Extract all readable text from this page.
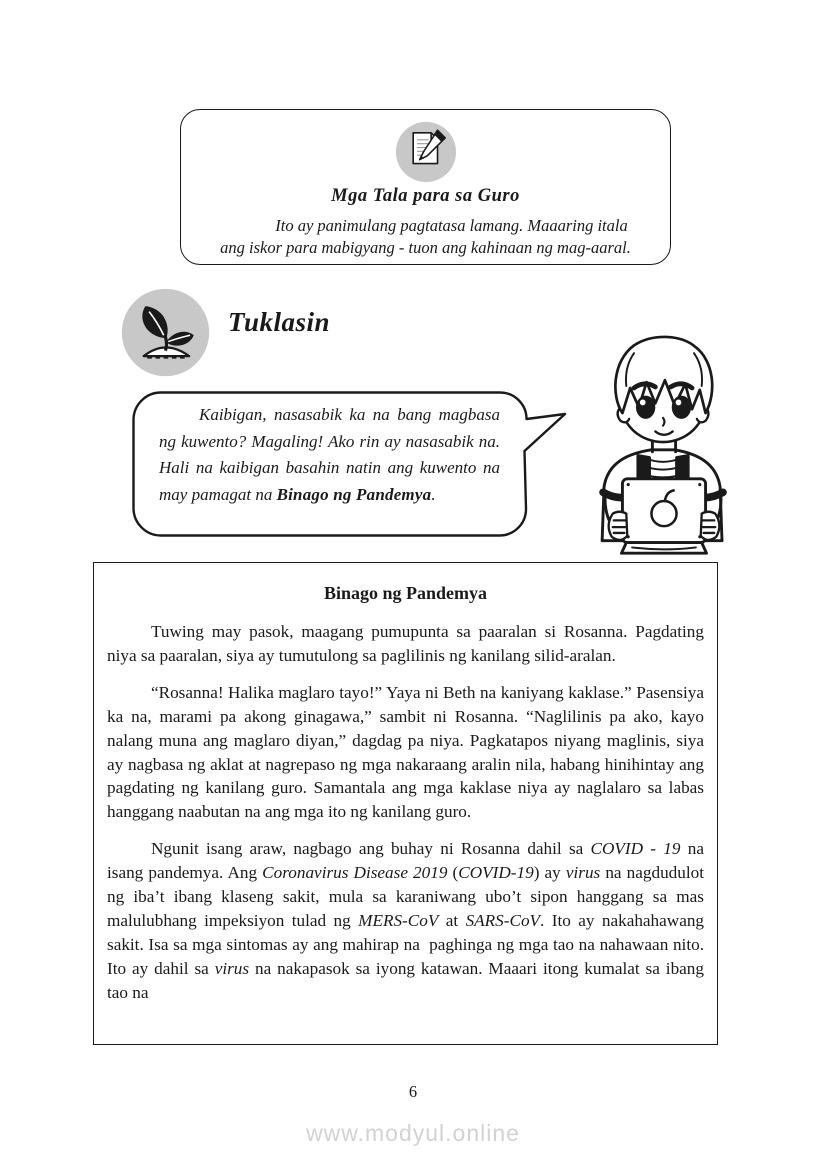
Mga Tala para sa Guro

Ito ay panimulang pagtatasa lamang. Maaaring itala

ang iskor para mabigyang - tuon ang kahinaan ng mag-aaral.

Tuklasin

Kaibigan, nasasabik ka na bang magbasa ng kuwento? Magaling! Ako rin ay nasasabik na. Hali na kaibigan basahin natin ang kuwento na may pamagat na Binago ng Pandemya.

Binago ng Pandemya

Tuwing may pasok, maagang pumupunta sa paaralan si Rosanna. Pagdating niya sa paaralan, siya ay tumutulong sa paglilinis ng kanilang silid-aralan.

“Rosanna! Halika maglaro tayo!” Yaya ni Beth na kaniyang kaklase.” Pasensiya ka na, marami pa akong ginagawa,” sambit ni Rosanna. “Naglilinis pa ako, kayo nalang muna ang maglaro diyan,” dagdag pa niya. Pagkatapos niyang maglinis, siya ay nagbasa ng aklat at nagrepaso ng mga nakaraang aralin nila, habang hinihintay ang pagdating ng kanilang guro. Samantala ang mga kaklase niya ay naglalaro sa labas hanggang naabutan na ang mga ito ng kanilang guro.

Ngunit isang araw, nagbago ang buhay ni Rosanna dahil sa COVID - 19 na isang pandemya. Ang Coronavirus Disease 2019 (COVID-19) ay virus na nagdudulot ng iba’t ibang klaseng sakit, mula sa karaniwang ubo’t sipon hanggang sa mas malulubhang impeksiyon tulad ng MERS-CoV at SARS-CoV. Ito ay nakahahawang sakit. Isa sa mga sintomas ay ang mahirap na  paghinga ng mga tao na nahawaan nito. Ito ay dahil sa virus na nakapasok sa iyong katawan. Maaari itong kumalat sa ibang tao na

6
www.modyul.online
